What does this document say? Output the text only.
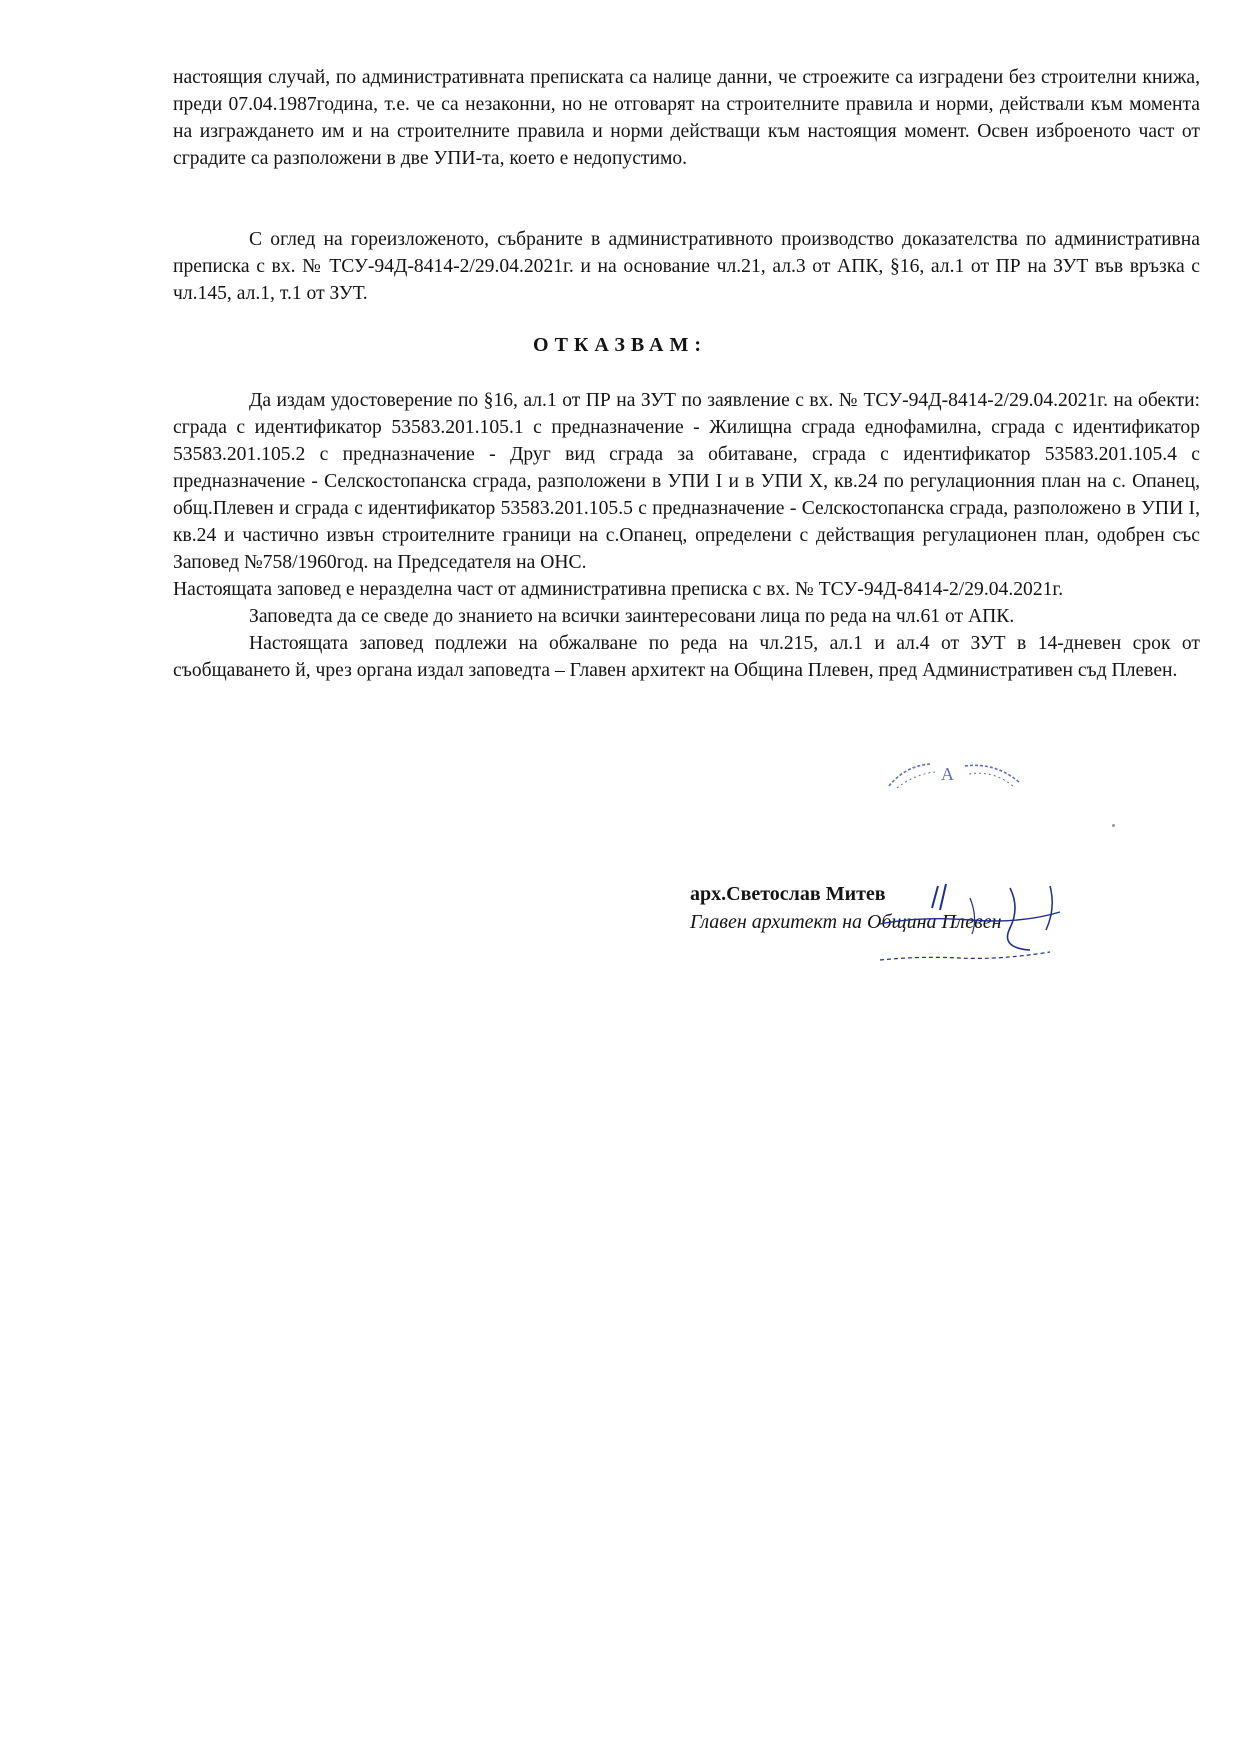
настоящия случай, по административната преписката са налице данни, че строежите са изградени без строителни книжа, преди 07.04.1987година, т.е. че са незаконни, но не отговарят на строителните правила и норми, действали към момента на изграждането им и на строителните правила и норми действащи към настоящия момент. Освен изброеното част от сградите са разположени в две УПИ-та, което е недопустимо.

С оглед на гореизложеното, събраните в административното производство доказателства по административна преписка с вх. № ТСУ-94Д-8414-2/29.04.2021г. и на основание чл.21, ал.3 от АПК, §16, ал.1 от ПР на ЗУТ във връзка с чл.145, ал.1, т.1 от ЗУТ.

ОТКАЗВАМ:

Да издам удостоверение по §16, ал.1 от ПР на ЗУТ по заявление с вх. № ТСУ-94Д-8414-2/29.04.2021г. на обекти: сграда с идентификатор 53583.201.105.1 с предназначение - Жилищна сграда еднофамилна, сграда с идентификатор 53583.201.105.2 с предназначение - Друг вид сграда за обитаване, сграда с идентификатор 53583.201.105.4 с предназначение - Селскостопанска сграда, разположени в УПИ I и в УПИ X, кв.24 по регулационния план на с. Опанец, общ.Плевен и сграда с идентификатор 53583.201.105.5 с предназначение - Селскостопанска сграда, разположено в УПИ I, кв.24 и частично извън строителните граници на с.Опанец, определени с действащия регулационен план, одобрен със Заповед №758/1960год. на Председателя на ОНС.

Настоящата заповед е неразделна част от административна преписка с вх. № ТСУ-94Д-8414-2/29.04.2021г.

Заповедта да се сведе до знанието на всички заинтересовани лица по реда на чл.61 от АПК.

Настоящата заповед подлежи на обжалване по реда на чл.215, ал.1 и ал.4 от ЗУТ в 14-дневен срок от съобщаването й, чрез органа издал заповедта – Главен архитект на Община Плевен, пред Административен съд Плевен.

А
арх.Светослав Митев
Главен архитект на Община Плевен
